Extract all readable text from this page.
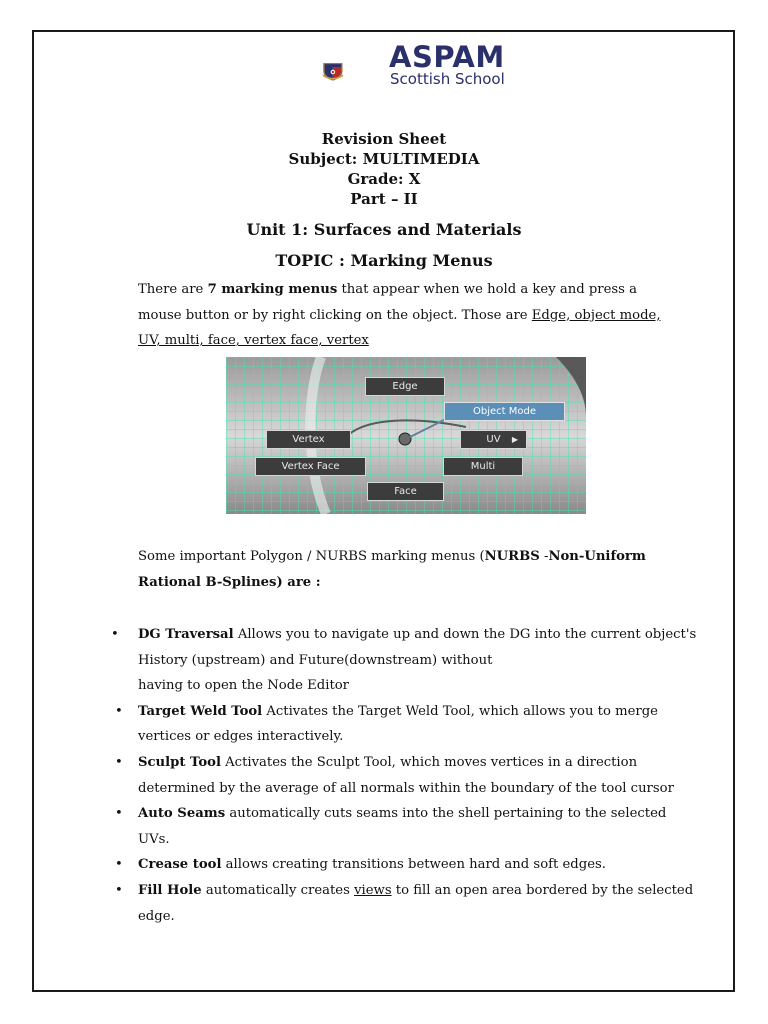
ASPAM
Scottish School
Revision Sheet
Subject: MULTIMEDIA
Grade: X
Part – II
Unit 1: Surfaces and Materials
TOPIC : Marking Menus
There are 7 marking menus that appear when we hold a key and press a mouse button or by right clicking on the object. Those are Edge, object mode, UV, multi, face, vertex face, vertex
Edge
Object Mode
Vertex	UV ▶
Vertex Face	Multi
Face
Some important Polygon / NURBS marking menus (NURBS -Non-Uniform Rational B-Splines) are :
• DG Traversal Allows you to navigate up and down the DG into the current object's History (upstream) and Future(downstream) without
having to open the Node Editor
• Target Weld Tool Activates the Target Weld Tool, which allows you to merge vertices or edges interactively.
• Sculpt Tool Activates the Sculpt Tool, which moves vertices in a direction determined by the average of all normals within the boundary of the tool cursor
• Auto Seams automatically cuts seams into the shell pertaining to the selected UVs.
• Crease tool allows creating transitions between hard and soft edges.
• Fill Hole automatically creates views to fill an open area bordered by the selected edge.
